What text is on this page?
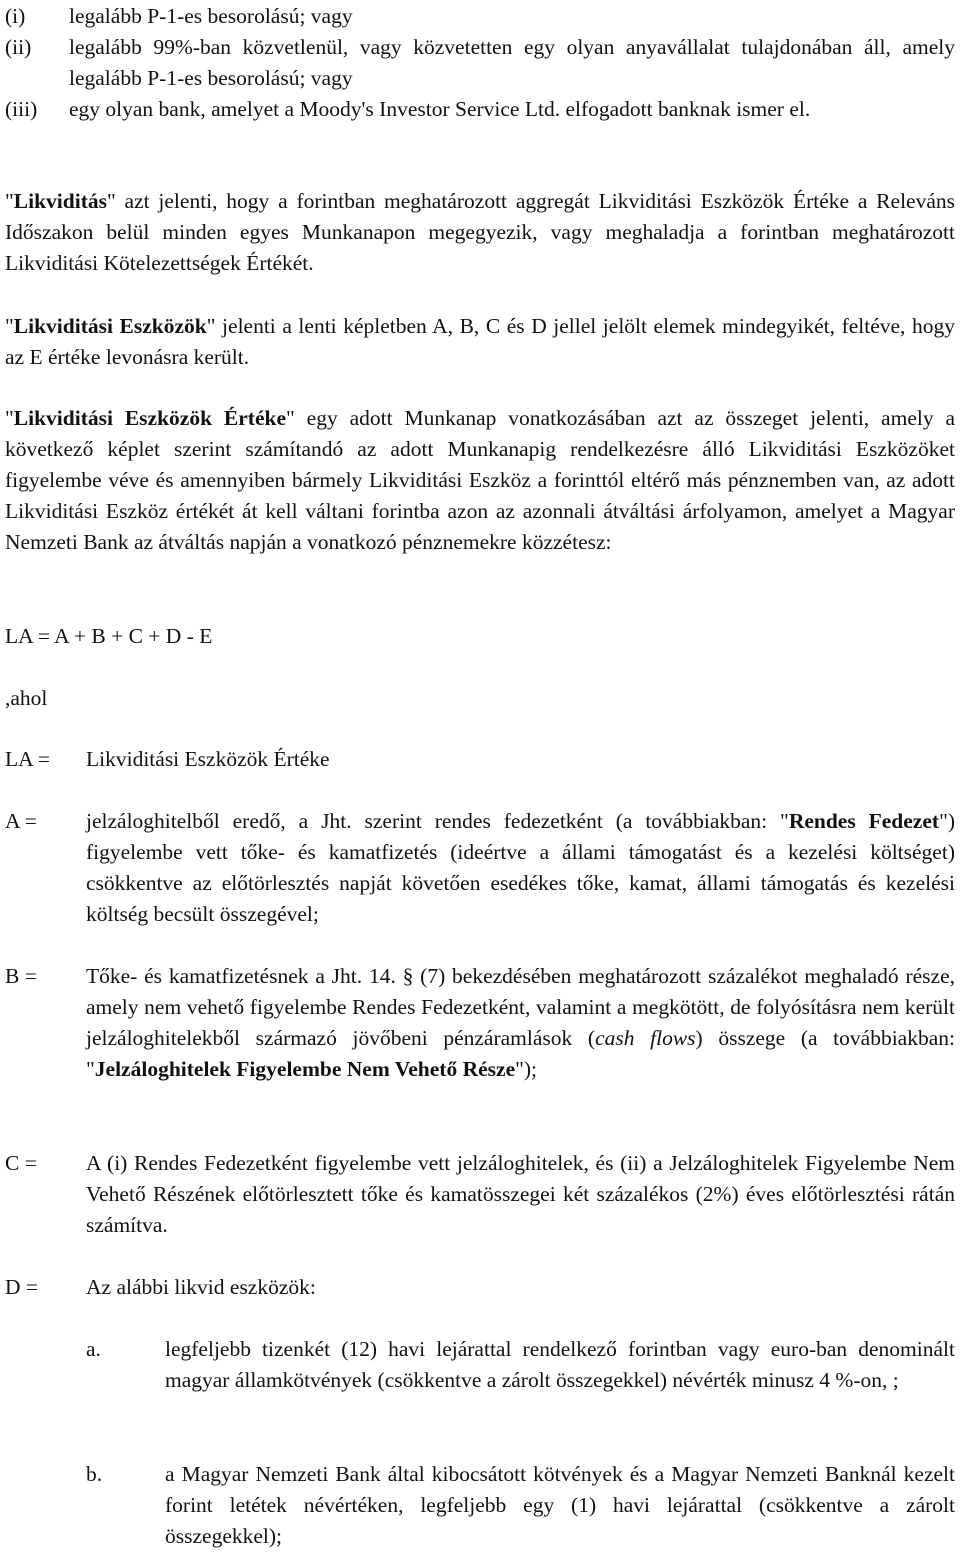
(i) legalább P-1-es besorolású; vagy
(ii) legalább 99%-ban közvetlenül, vagy közvetetten egy olyan anyavállalat tulajdonában áll, amely legalább P-1-es besorolású; vagy
(iii) egy olyan bank, amelyet a Moody's Investor Service Ltd. elfogadott banknak ismer el.
"Likviditás" azt jelenti, hogy a forintban meghatározott aggregát Likviditási Eszközök Értéke a Releváns Időszakon belül minden egyes Munkanapon megegyezik, vagy meghaladja a forintban meghatározott Likviditási Kötelezettségek Értékét.
"Likviditási Eszközök" jelenti a lenti képletben A, B, C és D jellel jelölt elemek mindegyikét, feltéve, hogy az E értéke levonásra került.
"Likviditási Eszközök Értéke" egy adott Munkanap vonatkozásában azt az összeget jelenti, amely a következő képlet szerint számítandó az adott Munkanapig rendelkezésre álló Likviditási Eszközöket figyelembe véve és amennyiben bármely Likviditási Eszköz a forinttól eltérő más pénznemben van, az adott Likviditási Eszköz értékét át kell váltani forintba azon az azonnali átváltási árfolyamon, amelyet a Magyar Nemzeti Bank az átváltás napján a vonatkozó pénznemekre közzétesz:
LA = A + B + C + D - E
,ahol
LA = Likviditási Eszközök Értéke
A = jelzáloghitelből eredő, a Jht. szerint rendes fedezetként (a továbbiakban: "Rendes Fedezet") figyelembe vett tőke- és kamatfizetés (ideértve a állami támogatást és a kezelési költséget) csökkentve az előtörlesztés napját követően esedékes tőke, kamat, állami támogatás és kezelési költség becsült összegével;
B = Tőke- és kamatfizetésnek a Jht. 14. § (7) bekezdésében meghatározott százalékot meghaladó része, amely nem vehető figyelembe Rendes Fedezetként, valamint a megkötött, de folyósításra nem került jelzáloghitelekből származó jövőbeni pénzáramlások (cash flows) összege (a továbbiakban: "Jelzáloghitelek Figyelembe Nem Vehető Része");
C = A (i) Rendes Fedezetként figyelembe vett jelzáloghitelek, és (ii) a Jelzáloghitelek Figyelembe Nem Vehető Részének előtörlesztett tőke és kamatösszegei két százalékos (2%) éves előtörlesztési rátán számítva.
D = Az alábbi likvid eszközök:
a.	legfeljebb tizenkét (12) havi lejárattal rendelkező forintban vagy euro-ban denominált magyar államkötvények (csökkentve a zárolt összegekkel) névérték minusz 4 %-on, ;
b.	a Magyar Nemzeti Bank által kibocsátott kötvények és a Magyar Nemzeti Banknál kezelt forint letétek névértéken, legfeljebb egy (1) havi lejárattal (csökkentve a zárolt összegekkel);
